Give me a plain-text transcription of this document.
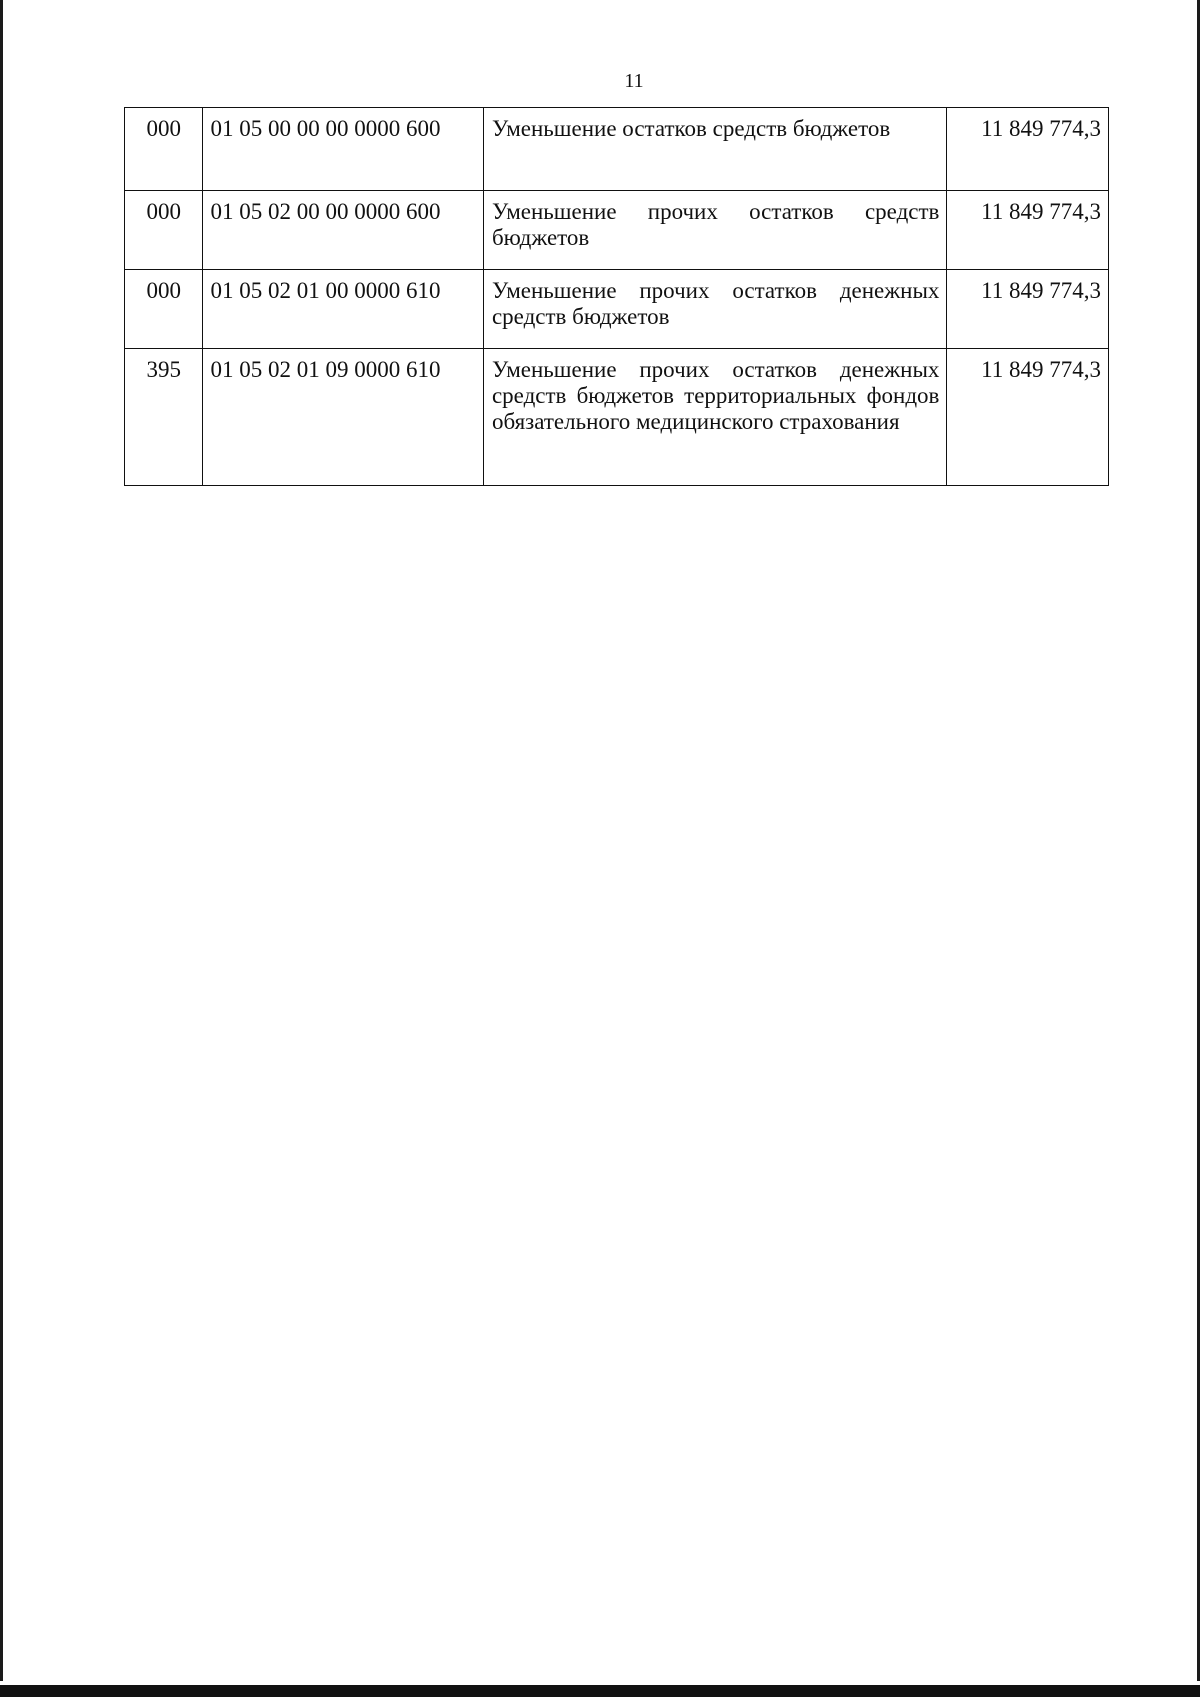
11
000	01 05 00 00 00 0000 600	Уменьшение остатков средств бюджетов	11 849 774,3
000	01 05 02 00 00 0000 600	Уменьшение прочих остатков средств бюджетов	11 849 774,3
000	01 05 02 01 00 0000 610	Уменьшение прочих остатков денежных средств бюджетов	11 849 774,3
395	01 05 02 01 09 0000 610	Уменьшение прочих остатков денежных средств бюджетов территориальных фондов обязательного медицинского страхования	11 849 774,3
